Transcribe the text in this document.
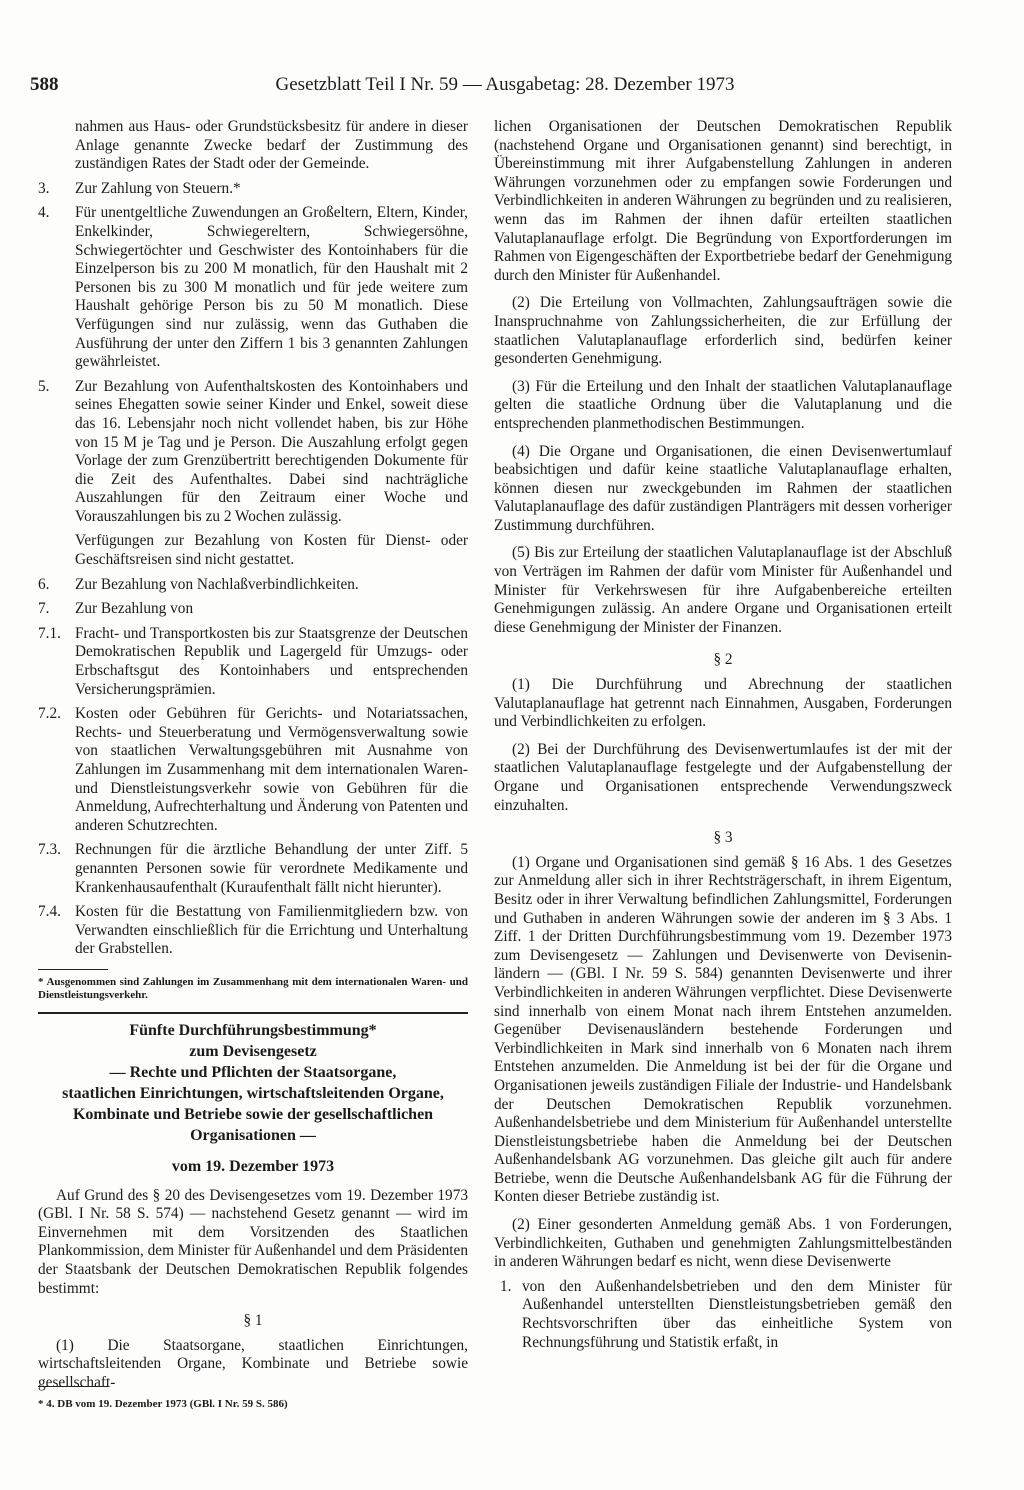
588	Gesetzblatt Teil I Nr. 59 — Ausgabetag: 28. Dezember 1973

nahmen aus Haus- oder Grundstücksbesitz für andere in dieser Anlage genannte Zwecke bedarf der Zustimmung des zuständigen Rates der Stadt oder der Gemeinde.

3.	Zur Zahlung von Steuern.*
4.	Für unentgeltliche Zuwendungen an Großeltern, Eltern, Kinder, Enkelkinder, Schwiegereltern, Schwiegersöhne, Schwiegertöchter und Geschwister des Kontoinhabers für die Einzelperson bis zu 200 M monatlich, für den Haushalt mit 2 Personen bis zu 300 M monatlich und für jede weitere zum Haushalt gehörige Person bis zu 50 M monatlich. Diese Verfügungen sind nur zulässig, wenn das Guthaben die Ausführung der unter den Ziffern 1 bis 3 genannten Zahlungen gewährleistet.
5.	Zur Bezahlung von Aufenthaltskosten des Kontoinhabers und seines Ehegatten sowie seiner Kinder und Enkel, soweit diese das 16. Lebensjahr noch nicht vollendet haben, bis zur Höhe von 15 M je Tag und je Person. Die Auszahlung erfolgt gegen Vorlage der zum Grenzübertritt berechtigenden Dokumente für die Zeit des Aufenthaltes. Dabei sind nachträgliche Auszahlungen für den Zeitraum einer Woche und Vorauszahlungen bis zu 2 Wochen zulässig.

Verfügungen zur Bezahlung von Kosten für Dienst- oder Geschäftsreisen sind nicht gestattet.

6.	Zur Bezahlung von Nachlaßverbindlichkeiten.
7.	Zur Bezahlung von
7.1. Fracht- und Transportkosten bis zur Staatsgrenze der Deutschen Demokratischen Republik und Lagergeld für Umzugs- oder Erbschaftsgut des Kontoinhabers und entsprechenden Versicherungsprämien.
7.2. Kosten oder Gebühren für Gerichts- und Notariatssachen, Rechts- und Steuerberatung und Vermögensverwaltung sowie von staatlichen Verwaltungsgebühren mit Ausnahme von Zahlungen im Zusammenhang mit dem internationalen Waren- und Dienstleistungsverkehr sowie von Gebühren für die Anmeldung, Aufrechterhaltung und Änderung von Patenten und anderen Schutzrechten.
7.3. Rechnungen für die ärztliche Behandlung der unter Ziff. 5 genannten Personen sowie für verordnete Medikamente und Krankenhausaufenthalt (Kuraufenthalt fällt nicht hierunter).
7.4. Kosten für die Bestattung von Familienmitgliedern bzw. von Verwandten einschließlich für die Errichtung und Unterhaltung der Grabstellen.

* Ausgenommen sind Zahlungen im Zusammenhang mit dem internationalen Waren- und Dienstleistungsverkehr.

Fünfte Durchführungsbestimmung*
zum Devisengesetz
— Rechte und Pflichten der Staatsorgane,
staatlichen Einrichtungen, wirtschaftsleitenden Organe,
Kombinate und Betriebe sowie der gesellschaftlichen
Organisationen —

vom 19. Dezember 1973

Auf Grund des § 20 des Devisengesetzes vom 19. Dezember 1973 (GBl. I Nr. 58 S. 574) — nachstehend Gesetz genannt — wird im Einvernehmen mit dem Vorsitzenden des Staatlichen Plankommission, dem Minister für Außenhandel und dem Präsidenten der Staatsbank der Deutschen Demokratischen Republik folgendes bestimmt:

§ 1

(1) Die Staatsorgane, staatlichen Einrichtungen, wirtschaftsleitenden Organe, Kombinate und Betriebe sowie gesellschaft-

* 4. DB vom 19. Dezember 1973 (GBl. I Nr. 59 S. 586)

lichen Organisationen der Deutschen Demokratischen Republik (nachstehend Organe und Organisationen genannt) sind berechtigt, in Übereinstimmung mit ihrer Aufgabenstellung Zahlungen in anderen Währungen vorzunehmen oder zu empfangen sowie Forderungen und Verbindlichkeiten in anderen Währungen zu begründen und zu realisieren, wenn das im Rahmen der ihnen dafür erteilten staatlichen Valutaplanauflage erfolgt. Die Begründung von Exportforderungen im Rahmen von Eigengeschäften der Exportbetriebe bedarf der Genehmigung durch den Minister für Außenhandel.

(2) Die Erteilung von Vollmachten, Zahlungsaufträgen sowie die Inanspruchnahme von Zahlungssicherheiten, die zur Erfüllung der staatlichen Valutaplanauflage erforderlich sind, bedürfen keiner gesonderten Genehmigung.

(3) Für die Erteilung und den Inhalt der staatlichen Valutaplanauflage gelten die staatliche Ordnung über die Valutaplanung und die entsprechenden planmethodischen Bestimmungen.

(4) Die Organe und Organisationen, die einen Devisenwertumlauf beabsichtigen und dafür keine staatliche Valutaplanauflage erhalten, können diesen nur zweckgebunden im Rahmen der staatlichen Valutaplanauflage des dafür zuständigen Planträgers mit dessen vorheriger Zustimmung durchführen.

(5) Bis zur Erteilung der staatlichen Valutaplanauflage ist der Abschluß von Verträgen im Rahmen der dafür vom Minister für Außenhandel und Minister für Verkehrswesen für ihre Aufgabenbereiche erteilten Genehmigungen zulässig. An andere Organe und Organisationen erteilt diese Genehmigung der Minister der Finanzen.

§ 2

(1) Die Durchführung und Abrechnung der staatlichen Valutaplanauflage hat getrennt nach Einnahmen, Ausgaben, Forderungen und Verbindlichkeiten zu erfolgen.

(2) Bei der Durchführung des Devisenwertumlaufes ist der mit der staatlichen Valutaplanauflage festgelegte und der Aufgabenstellung der Organe und Organisationen entsprechende Verwendungszweck einzuhalten.

§ 3

(1) Organe und Organisationen sind gemäß § 16 Abs. 1 des Gesetzes zur Anmeldung aller sich in ihrer Rechtsträgerschaft, in ihrem Eigentum, Besitz oder in ihrer Verwaltung befindlichen Zahlungsmittel, Forderungen und Guthaben in anderen Währungen sowie der anderen im § 3 Abs. 1 Ziff. 1 der Dritten Durchführungsbestimmung vom 19. Dezember 1973 zum Devisengesetz — Zahlungen und Devisenwerte von Deviseninländern — (GBl. I Nr. 59 S. 584) genannten Devisenwerte und ihrer Verbindlichkeiten in anderen Währungen verpflichtet. Diese Devisenwerte sind innerhalb von einem Monat nach ihrem Entstehen anzumelden. Gegenüber Devisenausländern bestehende Forderungen und Verbindlichkeiten in Mark sind innerhalb von 6 Monaten nach ihrem Entstehen anzumelden. Die Anmeldung ist bei der für die Organe und Organisationen jeweils zuständigen Filiale der Industrie- und Handelsbank der Deutschen Demokratischen Republik vorzunehmen. Außenhandelsbetriebe und dem Ministerium für Außenhandel unterstellte Dienstleistungsbetriebe haben die Anmeldung bei der Deutschen Außenhandelsbank AG vorzunehmen. Das gleiche gilt auch für andere Betriebe, wenn die Deutsche Außenhandelsbank AG für die Führung der Konten dieser Betriebe zuständig ist.

(2) Einer gesonderten Anmeldung gemäß Abs. 1 von Forderungen, Verbindlichkeiten, Guthaben und genehmigten Zahlungsmittelbeständen in anderen Währungen bedarf es nicht, wenn diese Devisenwerte

1. von den Außenhandelsbetrieben und den dem Minister für Außenhandel unterstellten Dienstleistungsbetrieben gemäß den Rechtsvorschriften über das einheitliche System von Rechnungsführung und Statistik erfaßt, in
